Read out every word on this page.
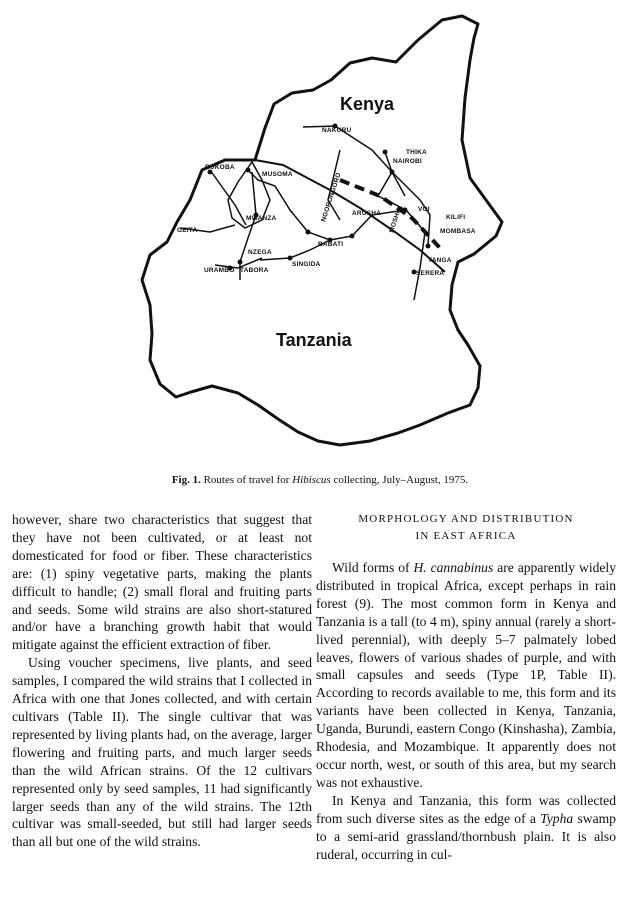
Kenya
Tanzania
NAKURU
THIKA
NAIROBI
BUKOBA
MUSOMA	NGORONGORO ARUSHA MOSHI
VOI
KILIFI
MOMBASA
TANGA
SERERA
GEITA
MWANZA
NZEGA
BABATI
SINGIDA
URAMBO TABORA
Fig. 1. Routes of travel for Hibiscus collecting, July–August, 1975.

however, share two characteristics that suggest that they have not been cultivated, or at least not domesticated for food or fiber. These characteristics are: (1) spiny vegetative parts, making the plants difficult to handle; (2) small floral and fruiting parts and seeds. Some wild strains are also short-statured and/or have a branching growth habit that would mitigate against the efficient extraction of fiber.

Using voucher specimens, live plants, and seed samples, I compared the wild strains that I collected in Africa with one that Jones collected, and with certain cultivars (Table II). The single cultivar that was represented by living plants had, on the average, larger flowering and fruiting parts, and much larger seeds than the wild African strains. Of the 12 cultivars represented only by seed samples, 11 had significantly larger seeds than any of the wild strains. The 12th cultivar was small-seeded, but still had larger seeds than all but one of the wild strains.

MORPHOLOGY AND DISTRIBUTION
IN EAST AFRICA

Wild forms of H. cannabinus are apparently widely distributed in tropical Africa, except perhaps in rain forest (9). The most common form in Kenya and Tanzania is a tall (to 4 m), spiny annual (rarely a short-lived perennial), with deeply 5–7 palmately lobed leaves, flowers of various shades of purple, and with small capsules and seeds (Type 1P, Table II). According to records available to me, this form and its variants have been collected in Kenya, Tanzania, Uganda, Burundi, eastern Congo (Kinshasha), Zambia, Rhodesia, and Mozambique. It apparently does not occur north, west, or south of this area, but my search was not exhaustive.

In Kenya and Tanzania, this form was collected from such diverse sites as the edge of a Typha swamp to a semi-arid grassland/thornbush plain. It is also ruderal, occurring in cul-
